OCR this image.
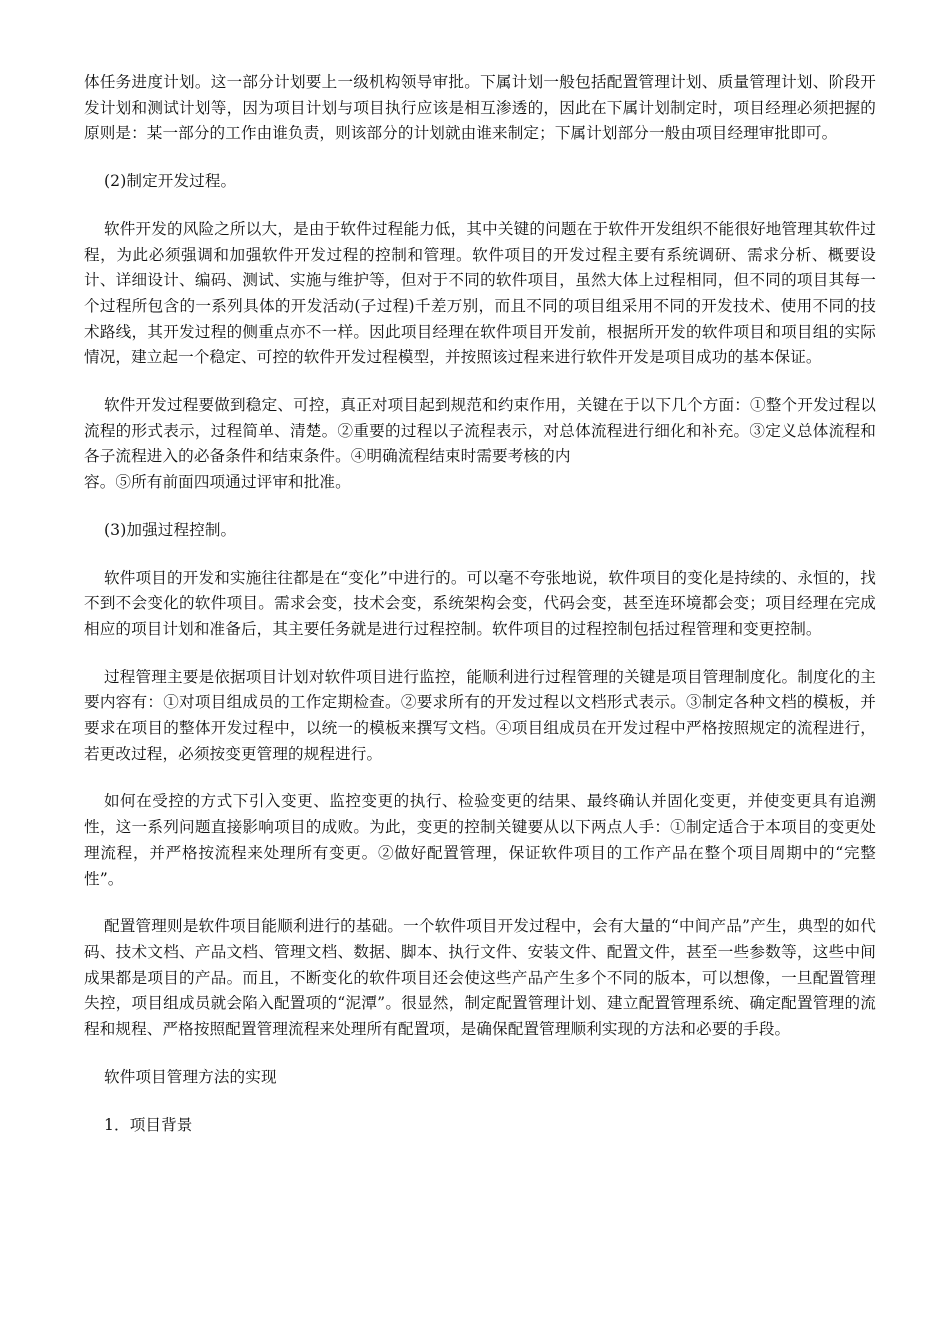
体任务进度计划。这一部分计划要上一级机构领导审批。下属计划一般包括配置管理计划、质量管理计划、阶段开发计划和测试计划等，因为项目计划与项目执行应该是相互渗透的，因此在下属计划制定时，项目经理必须把握的原则是：某一部分的工作由谁负责，则该部分的计划就由谁来制定；下属计划部分一般由项目经理审批即可。

(2)制定开发过程。

软件开发的风险之所以大，是由于软件过程能力低，其中关键的问题在于软件开发组织不能很好地管理其软件过程，为此必须强调和加强软件开发过程的控制和管理。软件项目的开发过程主要有系统调研、需求分析、概要设计、详细设计、编码、测试、实施与维护等，但对于不同的软件项目，虽然大体上过程相同，但不同的项目其每一个过程所包含的一系列具体的开发活动(子过程)千差万别，而且不同的项目组采用不同的开发技术、使用不同的技术路线，其开发过程的侧重点亦不一样。因此项目经理在软件项目开发前，根据所开发的软件项目和项目组的实际情况，建立起一个稳定、可控的软件开发过程模型，并按照该过程来进行软件开发是项目成功的基本保证。

软件开发过程要做到稳定、可控，真正对项目起到规范和约束作用，关键在于以下几个方面：①整个开发过程以流程的形式表示，过程简单、清楚。②重要的过程以子流程表示，对总体流程进行细化和补充。③定义总体流程和各子流程进入的必备条件和结束条件。④明确流程结束时需要考核的内

容。⑤所有前面四项通过评审和批准。

(3)加强过程控制。

软件项目的开发和实施往往都是在“变化”中进行的。可以毫不夸张地说，软件项目的变化是持续的、永恒的，找不到不会变化的软件项目。需求会变，技术会变，系统架构会变，代码会变，甚至连环境都会变；项目经理在完成相应的项目计划和准备后，其主要任务就是进行过程控制。软件项目的过程控制包括过程管理和变更控制。

过程管理主要是依据项目计划对软件项目进行监控，能顺利进行过程管理的关键是项目管理制度化。制度化的主要内容有：①对项目组成员的工作定期检查。②要求所有的开发过程以文档形式表示。③制定各种文档的模板，并要求在项目的整体开发过程中，以统一的模板来撰写文档。④项目组成员在开发过程中严格按照规定的流程进行，若更改过程，必须按变更管理的规程进行。

如何在受控的方式下引入变更、监控变更的执行、检验变更的结果、最终确认并固化变更，并使变更具有追溯性，这一系列问题直接影响项目的成败。为此，变更的控制关键要从以下两点人手：①制定适合于本项目的变更处理流程，并严格按流程来处理所有变更。②做好配置管理，保证软件项目的工作产品在整个项目周期中的“完整性”。

配置管理则是软件项目能顺利进行的基础。一个软件项目开发过程中，会有大量的“中间产品”产生，典型的如代码、技术文档、产品文档、管理文档、数据、脚本、执行文件、安装文件、配置文件，甚至一些参数等，这些中间成果都是项目的产品。而且，不断变化的软件项目还会使这些产品产生多个不同的版本，可以想像，一旦配置管理失控，项目组成员就会陷入配置项的“泥潭”。很显然，制定配置管理计划、建立配置管理系统、确定配置管理的流程和规程、严格按照配置管理流程来处理所有配置项，是确保配置管理顺利实现的方法和必要的手段。

软件项目管理方法的实现

1．项目背景
